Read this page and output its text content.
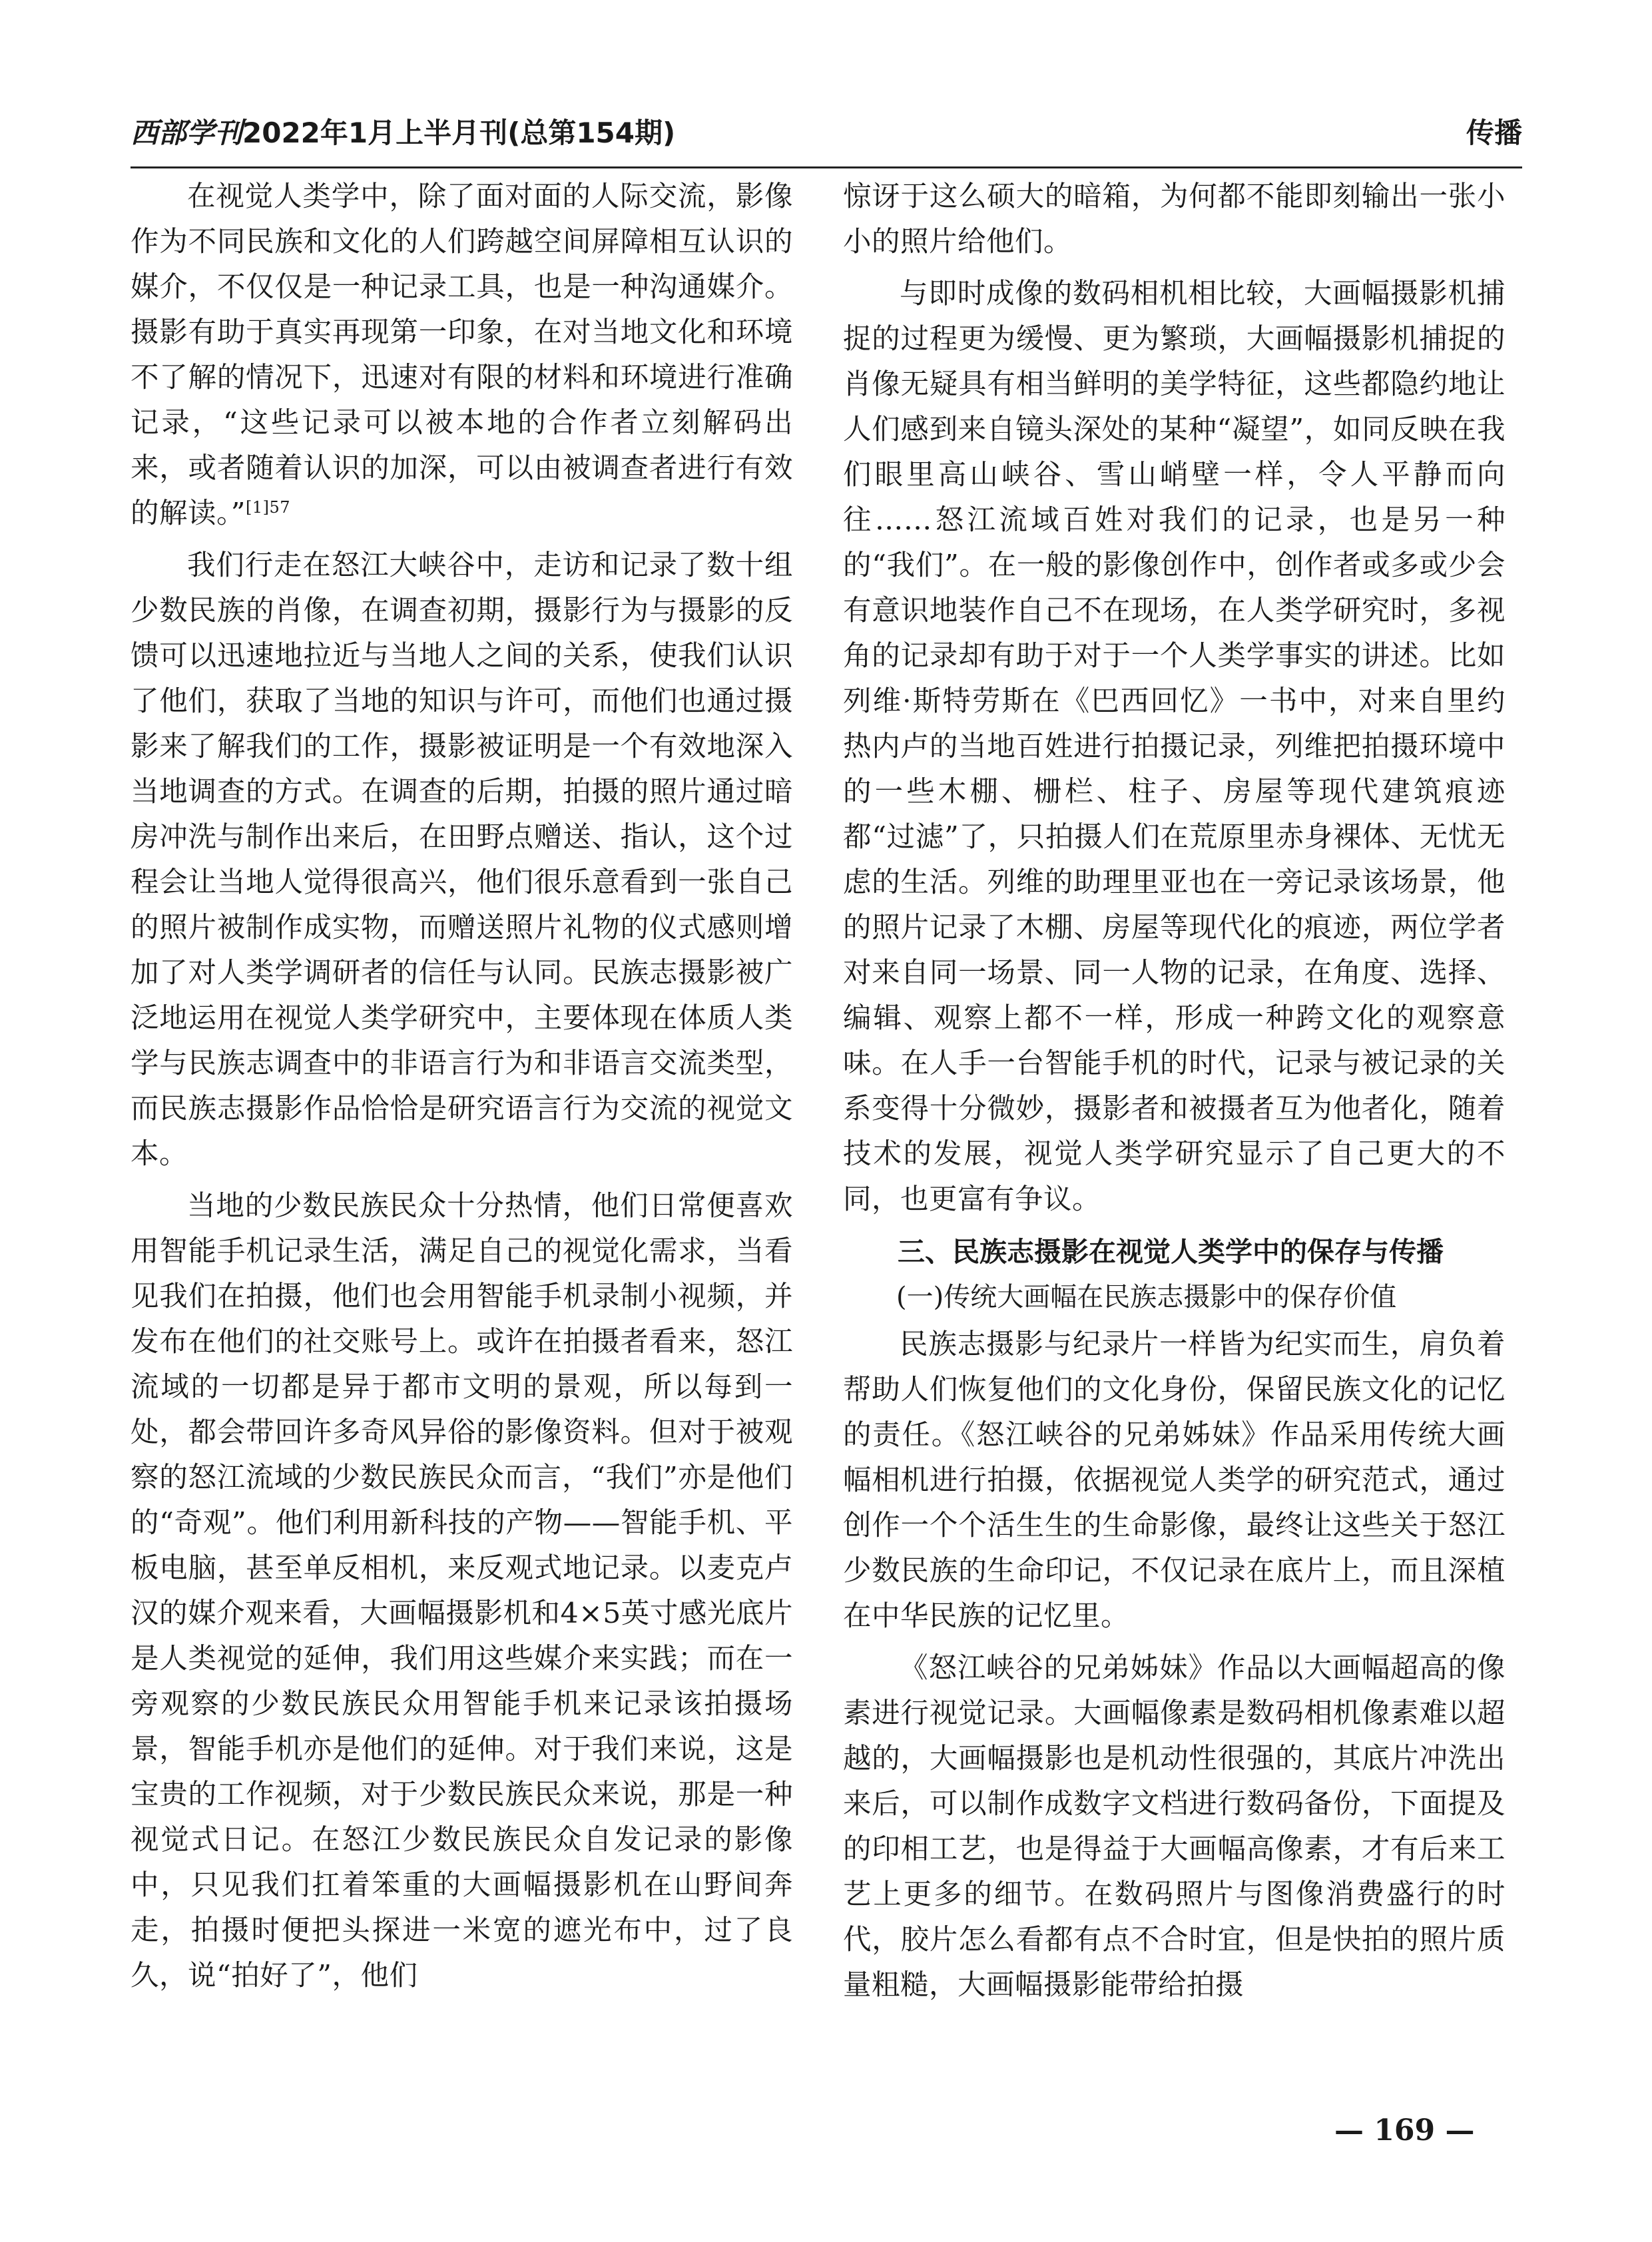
西部学刊2022年1月上半月刊(总第154期)	传播

在视觉人类学中，除了面对面的人际交流，影像作为不同民族和文化的人们跨越空间屏障相互认识的媒介，不仅仅是一种记录工具，也是一种沟通媒介。摄影有助于真实再现第一印象，在对当地文化和环境不了解的情况下，迅速对有限的材料和环境进行准确记录，“这些记录可以被本地的合作者立刻解码出来，或者随着认识的加深，可以由被调查者进行有效的解读。”$^{[1]57}$

我们行走在怒江大峡谷中，走访和记录了数十组少数民族的肖像，在调查初期，摄影行为与摄影的反馈可以迅速地拉近与当地人之间的关系，使我们认识了他们，获取了当地的知识与许可，而他们也通过摄影来了解我们的工作，摄影被证明是一个有效地深入当地调查的方式。在调查的后期，拍摄的照片通过暗房冲洗与制作出来后，在田野点赠送、指认，这个过程会让当地人觉得很高兴，他们很乐意看到一张自己的照片被制作成实物，而赠送照片礼物的仪式感则增加了对人类学调研者的信任与认同。民族志摄影被广泛地运用在视觉人类学研究中，主要体现在体质人类学与民族志调查中的非语言行为和非语言交流类型，而民族志摄影作品恰恰是研究语言行为交流的视觉文本。

当地的少数民族民众十分热情，他们日常便喜欢用智能手机记录生活，满足自己的视觉化需求，当看见我们在拍摄，他们也会用智能手机录制小视频，并发布在他们的社交账号上。或许在拍摄者看来，怒江流域的一切都是异于都市文明的景观，所以每到一处，都会带回许多奇风异俗的影像资料。但对于被观察的怒江流域的少数民族民众而言，“我们”亦是他们的“奇观”。他们利用新科技的产物——智能手机、平板电脑，甚至单反相机，来反观式地记录。以麦克卢汉的媒介观来看，大画幅摄影机和4×5英寸感光底片是人类视觉的延伸，我们用这些媒介来实践；而在一旁观察的少数民族民众用智能手机来记录该拍摄场景，智能手机亦是他们的延伸。对于我们来说，这是宝贵的工作视频，对于少数民族民众来说，那是一种视觉式日记。在怒江少数民族民众自发记录的影像中，只见我们扛着笨重的大画幅摄影机在山野间奔走，拍摄时便把头探进一米宽的遮光布中，过了良久，说“拍好了”，他们

惊讶于这么硕大的暗箱，为何都不能即刻输出一张小小的照片给他们。

与即时成像的数码相机相比较，大画幅摄影机捕捉的过程更为缓慢、更为繁琐，大画幅摄影机捕捉的肖像无疑具有相当鲜明的美学特征，这些都隐约地让人们感到来自镜头深处的某种“凝望”，如同反映在我们眼里高山峡谷、雪山峭壁一样，令人平静而向往……怒江流域百姓对我们的记录，也是另一种的“我们”。在一般的影像创作中，创作者或多或少会有意识地装作自己不在现场，在人类学研究时，多视角的记录却有助于对于一个人类学事实的讲述。比如列维·斯特劳斯在《巴西回忆》一书中，对来自里约热内卢的当地百姓进行拍摄记录，列维把拍摄环境中的一些木棚、栅栏、柱子、房屋等现代建筑痕迹都“过滤”了，只拍摄人们在荒原里赤身裸体、无忧无虑的生活。列维的助理里亚也在一旁记录该场景，他的照片记录了木棚、房屋等现代化的痕迹，两位学者对来自同一场景、同一人物的记录，在角度、选择、编辑、观察上都不一样，形成一种跨文化的观察意味。在人手一台智能手机的时代，记录与被记录的关系变得十分微妙，摄影者和被摄者互为他者化，随着技术的发展，视觉人类学研究显示了自己更大的不同，也更富有争议。

三、民族志摄影在视觉人类学中的保存与传播

(一)传统大画幅在民族志摄影中的保存价值

民族志摄影与纪录片一样皆为纪实而生，肩负着帮助人们恢复他们的文化身份，保留民族文化的记忆的责任。《怒江峡谷的兄弟姊妹》作品采用传统大画幅相机进行拍摄，依据视觉人类学的研究范式，通过创作一个个活生生的生命影像，最终让这些关于怒江少数民族的生命印记，不仅记录在底片上，而且深植在中华民族的记忆里。

《怒江峡谷的兄弟姊妹》作品以大画幅超高的像素进行视觉记录。大画幅像素是数码相机像素难以超越的，大画幅摄影也是机动性很强的，其底片冲洗出来后，可以制作成数字文档进行数码备份，下面提及的印相工艺，也是得益于大画幅高像素，才有后来工艺上更多的细节。在数码照片与图像消费盛行的时代，胶片怎么看都有点不合时宜，但是快拍的照片质量粗糙，大画幅摄影能带给拍摄

— 169 —
